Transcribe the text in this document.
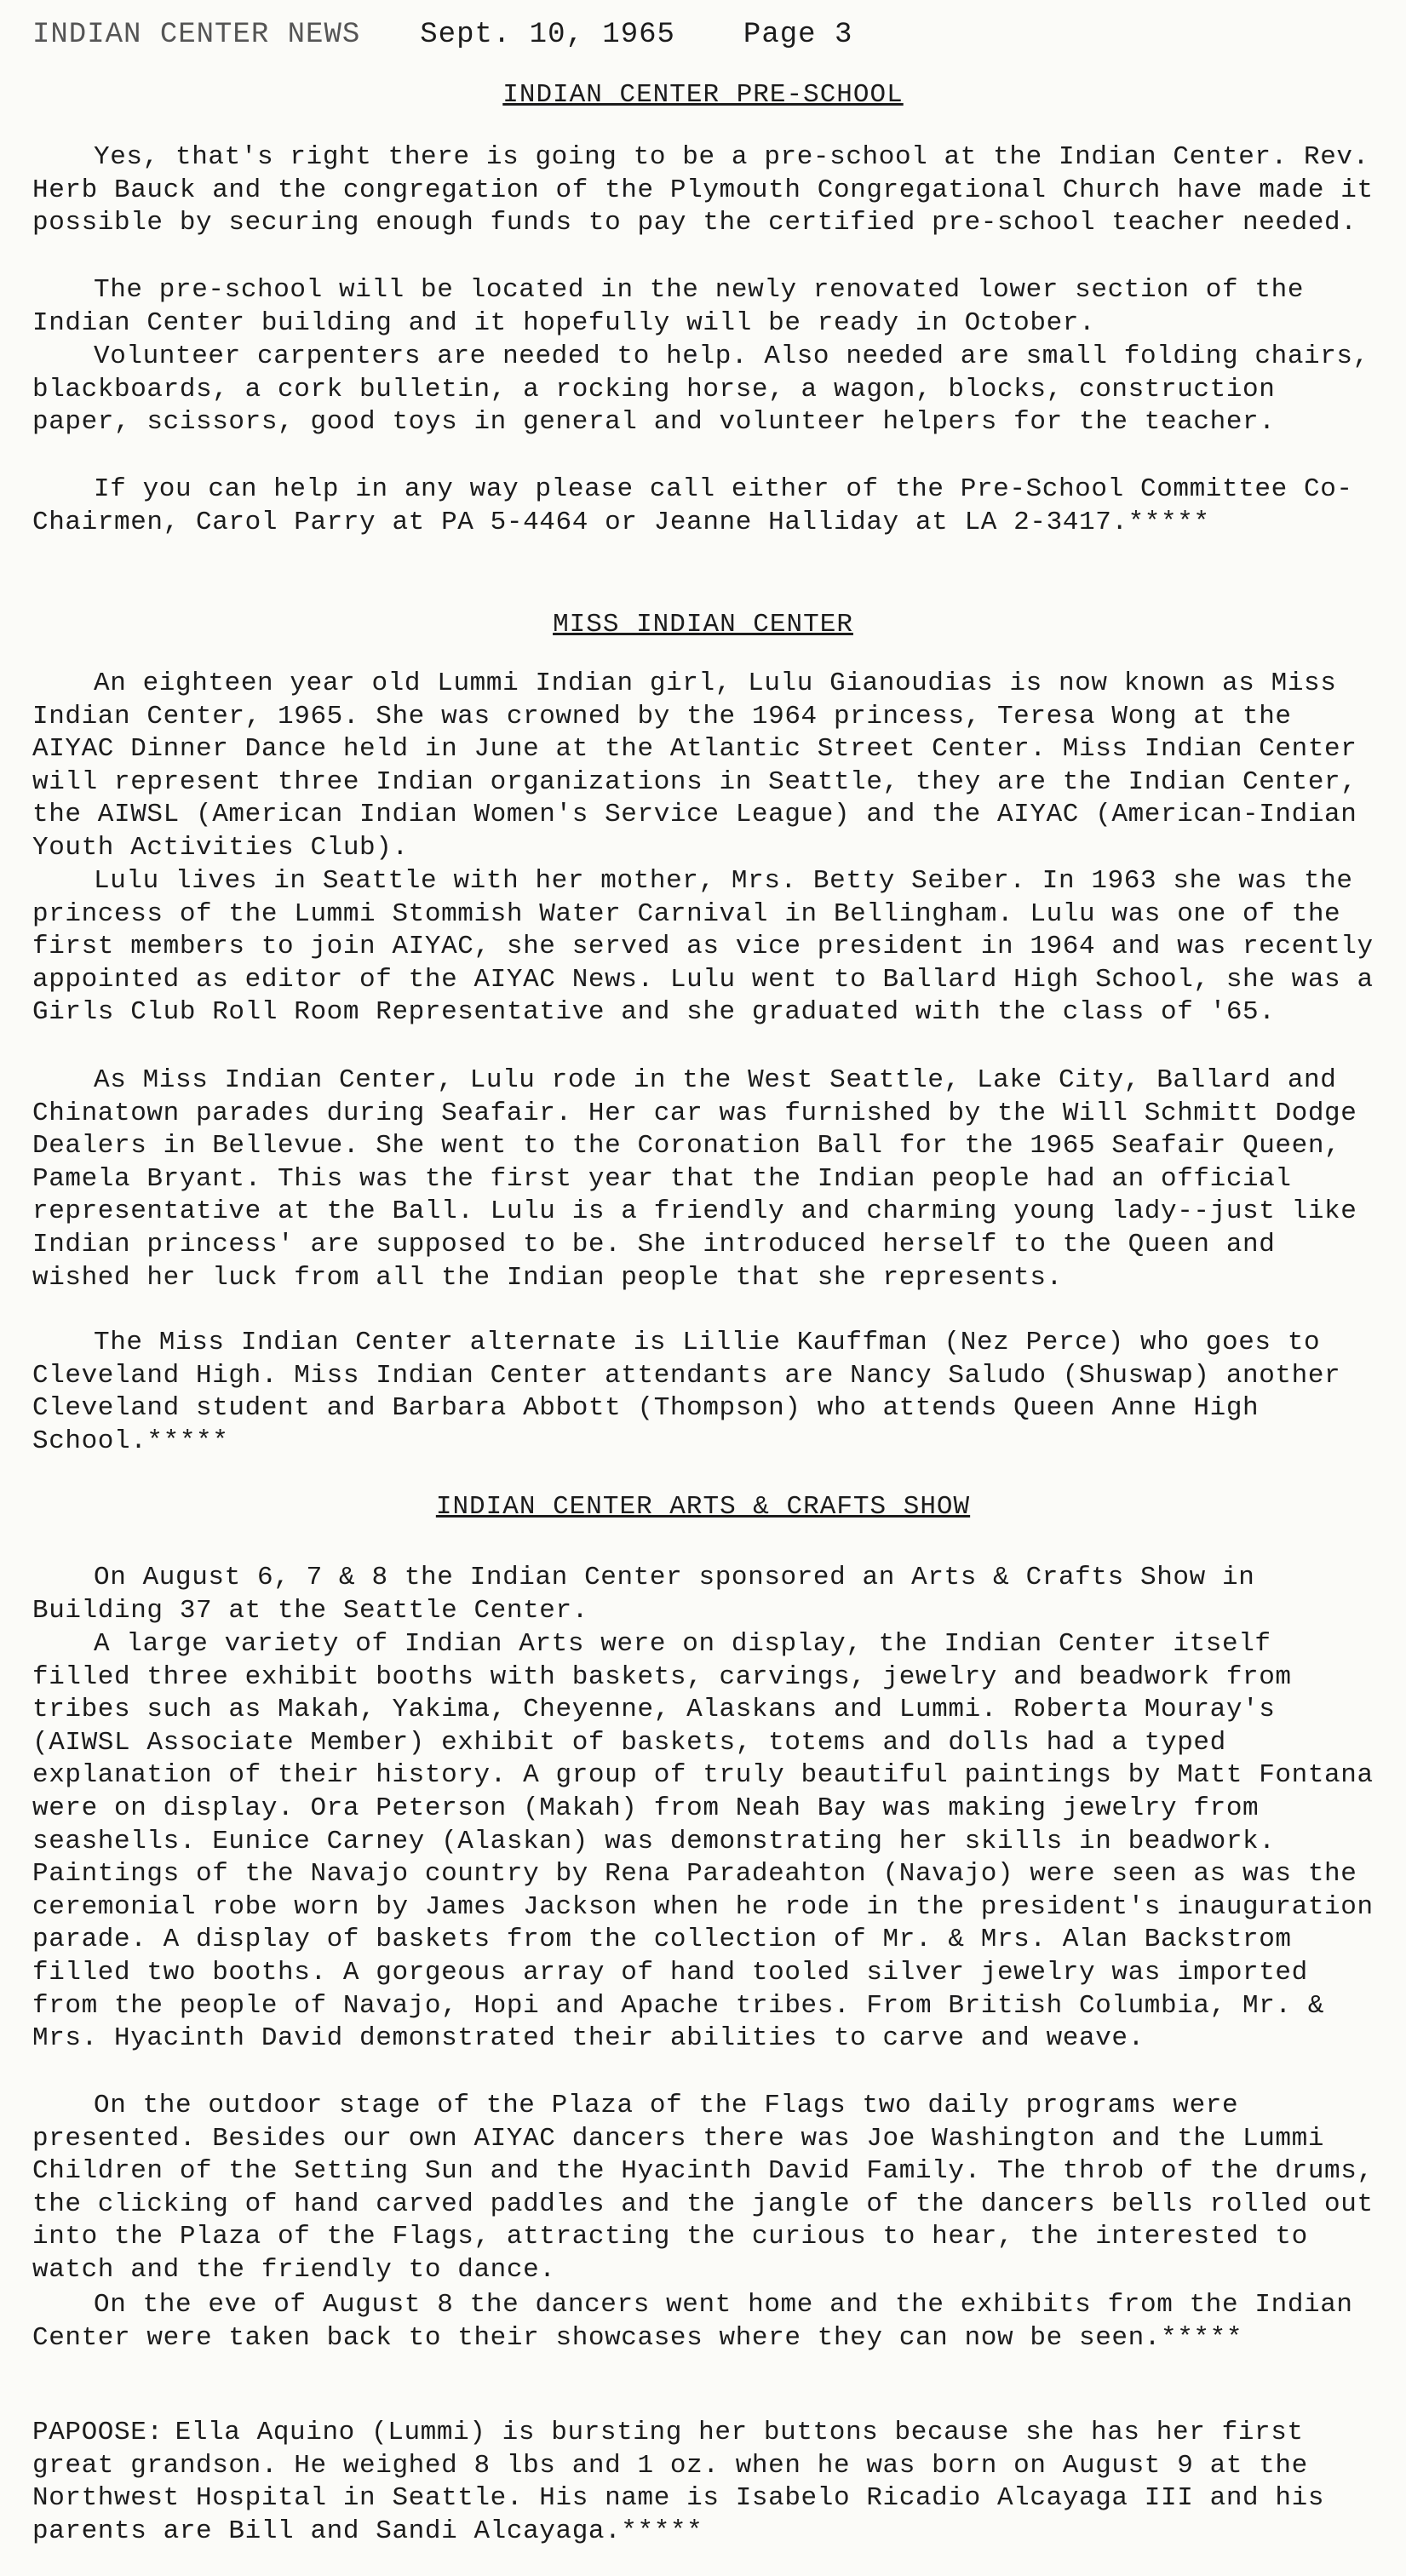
INDIAN CENTER NEWS Sept. 10, 1965 Page 3
INDIAN CENTER PRE-SCHOOL

Yes, that's right there is going to be a pre-school at the Indian Center. Rev. Herb Bauck and the congregation of the Plymouth Congregational Church have made it possible by securing enough funds to pay the certified pre-school teacher needed.

The pre-school will be located in the newly renovated lower section of the Indian Center building and it hopefully will be ready in October.

Volunteer carpenters are needed to help. Also needed are small folding chairs, blackboards, a cork bulletin, a rocking horse, a wagon, blocks, construction paper, scissors, good toys in general and volunteer helpers for the teacher.

If you can help in any way please call either of the Pre-School Committee Co-Chairmen, Carol Parry at PA 5-4464 or Jeanne Halliday at LA 2-3417.*****

MISS INDIAN CENTER

An eighteen year old Lummi Indian girl, Lulu Gianoudias is now known as Miss Indian Center, 1965. She was crowned by the 1964 princess, Teresa Wong at the AIYAC Dinner Dance held in June at the Atlantic Street Center. Miss Indian Center will represent three Indian organizations in Seattle, they are the Indian Center, the AIWSL (American Indian Women's Service League) and the AIYAC (American-Indian Youth Activities Club).

Lulu lives in Seattle with her mother, Mrs. Betty Seiber. In 1963 she was the princess of the Lummi Stommish Water Carnival in Bellingham. Lulu was one of the first members to join AIYAC, she served as vice president in 1964 and was recently appointed as editor of the AIYAC News. Lulu went to Ballard High School, she was a Girls Club Roll Room Representative and she graduated with the class of '65.

As Miss Indian Center, Lulu rode in the West Seattle, Lake City, Ballard and Chinatown parades during Seafair. Her car was furnished by the Will Schmitt Dodge Dealers in Bellevue. She went to the Coronation Ball for the 1965 Seafair Queen, Pamela Bryant. This was the first year that the Indian people had an official representative at the Ball. Lulu is a friendly and charming young lady--just like Indian princess' are supposed to be. She introduced herself to the Queen and wished her luck from all the Indian people that she represents.

The Miss Indian Center alternate is Lillie Kauffman (Nez Perce) who goes to Cleveland High. Miss Indian Center attendants are Nancy Saludo (Shuswap) another Cleveland student and Barbara Abbott (Thompson) who attends Queen Anne High School.*****

INDIAN CENTER ARTS & CRAFTS SHOW

On August 6, 7 & 8 the Indian Center sponsored an Arts & Crafts Show in Building 37 at the Seattle Center.

A large variety of Indian Arts were on display, the Indian Center itself filled three exhibit booths with baskets, carvings, jewelry and beadwork from tribes such as Makah, Yakima, Cheyenne, Alaskans and Lummi. Roberta Mouray's (AIWSL Associate Member) exhibit of baskets, totems and dolls had a typed explanation of their history. A group of truly beautiful paintings by Matt Fontana were on display. Ora Peterson (Makah) from Neah Bay was making jewelry from seashells. Eunice Carney (Alaskan) was demonstrating her skills in beadwork. Paintings of the Navajo country by Rena Paradeahton (Navajo) were seen as was the ceremonial robe worn by James Jackson when he rode in the president's inauguration parade. A display of baskets from the collection of Mr. & Mrs. Alan Backstrom filled two booths. A gorgeous array of hand tooled silver jewelry was imported from the people of Navajo, Hopi and Apache tribes. From British Columbia, Mr. & Mrs. Hyacinth David demonstrated their abilities to carve and weave.

On the outdoor stage of the Plaza of the Flags two daily programs were presented. Besides our own AIYAC dancers there was Joe Washington and the Lummi Children of the Setting Sun and the Hyacinth David Family. The throb of the drums, the clicking of hand carved paddles and the jangle of the dancers bells rolled out into the Plaza of the Flags, attracting the curious to hear, the interested to watch and the friendly to dance.

On the eve of August 8 the dancers went home and the exhibits from the Indian Center were taken back to their showcases where they can now be seen.*****

PAPOOSE: Ella Aquino (Lummi) is bursting her buttons because she has her first great grandson. He weighed 8 lbs and 1 oz. when he was born on August 9 at the Northwest Hospital in Seattle. His name is Isabelo Ricadio Alcayaga III and his parents are Bill and Sandi Alcayaga.*****
